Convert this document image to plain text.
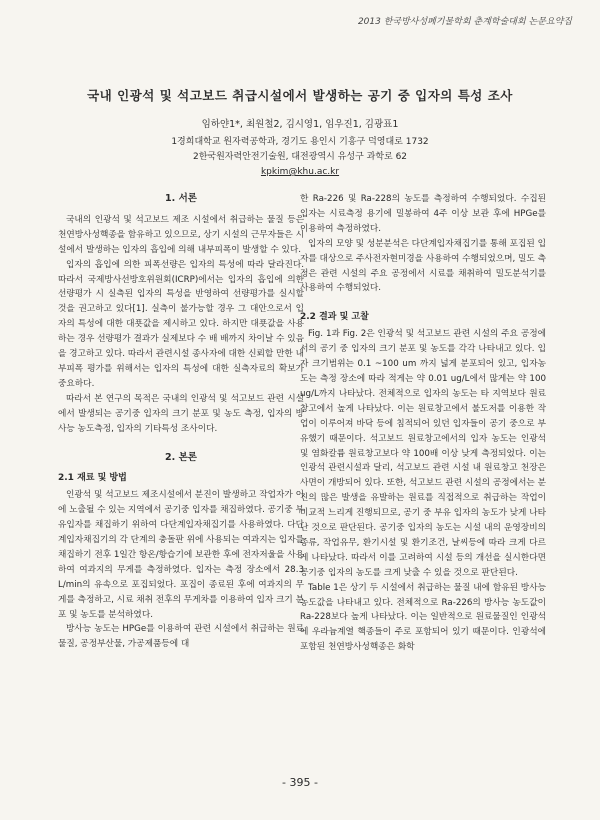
2013 한국방사성폐기물학회 춘계학술대회 논문요약집
국내 인광석 및 석고보드 취급시설에서 발생하는 공기 중 입자의 특성 조사
임하얀1*, 최원철2, 김시영1, 임우진1, 김광표1
1경희대학교 원자력공학과, 경기도 용인시 기흥구 덕영대로 1732
2한국원자력안전기술원, 대전광역시 유성구 과학로 62
kpkim@khu.ac.kr
1. 서론

국내의 인광석 및 석고보드 제조 시설에서 취급하는 물질 등은 천연방사성핵종을 함유하고 있으므로, 상기 시설의 근무자들은 시설에서 발생하는 입자의 흡입에 의해 내부피폭이 발생할 수 있다.

입자의 흡입에 의한 피폭선량은 입자의 특성에 따라 달라진다. 따라서 국제방사선방호위원회(ICRP)에서는 입자의 흡입에 의한 선량평가 시 실측된 입자의 특성을 반영하여 선량평가를 실시할 것을 권고하고 있다[1]. 실측이 불가능할 경우 그 대안으로서 입자의 특성에 대한 대푯값을 제시하고 있다. 하지만 대푯값을 사용하는 경우 선량평가 결과가 실제보다 수 배 배까지 차이날 수 있음을 경고하고 있다. 따라서 관련시설 종사자에 대한 신뢰할 만한 내부피폭 평가를 위해서는 입자의 특성에 대한 실측자료의 확보가 중요하다.

따라서 본 연구의 목적은 국내의 인광석 및 석고보드 관련 시설에서 발생되는 공기중 입자의 크기 분포 및 농도 측정, 입자의 방사능 농도측정, 입자의 기타특성 조사이다.

2. 본론
2.1 재료 및 방법

인광석 및 석고보드 제조시설에서 분진이 발생하고 작업자가 이에 노출될 수 있는 지역에서 공기중 입자를 채집하였다. 공기중 부유입자를 채집하기 위하여 다단계입자채집기를 사용하였다. 다단계입자채집기의 각 단계의 충돌판 위에 사용되는 여과지는 입자를 채집하기 전후 1일간 항온/항습기에 보관한 후에 전자저울을 사용하여 여과지의 무게를 측정하였다. 입자는 측정 장소에서 28.3 L/min의 유속으로 포집되었다. 포집이 종료된 후에 여과지의 무게를 측정하고, 시료 채취 전후의 무게차를 이용하여 입자 크기 분포 및 농도를 분석하였다.

방사능 농도는 HPGe를 이용하여 관련 시설에서 취급하는 원료물질, 공정부산물, 가공제품등에 대

한 Ra-226 및 Ra-228의 농도를 측정하여 수행되었다. 수집된 입자는 시료측정 용기에 밀봉하여 4주 이상 보관 후에 HPGe를 이용하여 측정하였다.

입자의 모양 및 성분분석은 다단계입자채집기를 통해 포집된 입자를 대상으로 주사전자현미경을 사용하여 수행되었으며, 밀도 측정은 관련 시설의 주요 공정에서 시료를 채취하여 밀도분석기를 사용하여 수행되었다.

2.2 결과 및 고찰

Fig. 1과 Fig. 2은 인광석 및 석고보드 관련 시설의 주요 공정에서의 공기 중 입자의 크기 분포 및 농도를 각각 나타내고 있다. 입자 크기범위는 0.1 ~100 um 까지 넓게 분포되어 있고, 입자농도는 측정 장소에 따라 적게는 약 0.01 ug/L에서 많게는 약 100 ug/L까지 나타났다. 전체적으로 입자의 농도는 타 지역보다 원료창고에서 높게 나타났다. 이는 원료창고에서 불도저를 이용한 작업이 이루어져 바닥 등에 침적되어 있던 입자들이 공기 중으로 부유했기 때문이다. 석고보드 원료창고에서의 입자 농도는 인광석 및 염화칼륨 원료창고보다 약 100배 이상 낮게 측정되었다. 이는 인광석 관련시설과 달리, 석고보드 관련 시설 내 원료창고 천장은 사면이 개방되어 있다. 또한, 석고보드 관련 시설의 공정에서는 분진의 많은 발생을 유발하는 원료를 직접적으로 취급하는 작업이 비교적 느리게 진행되므로, 공기 중 부유 입자의 농도가 낮게 나타난 것으로 판단된다. 공기중 입자의 농도는 시설 내의 운영장비의 종류, 작업유무, 환기시설 및 환기조건, 날씨등에 따라 크게 다르게 나타났다. 따라서 이를 고려하여 시설 등의 개선을 실시한다면 공기중 입자의 농도를 크게 낮출 수 있을 것으로 판단된다.

Table 1은 상기 두 시설에서 취급하는 물질 내에 함유된 방사능 농도값을 나타내고 있다. 전체적으로 Ra-226의 방사능 농도값이 Ra-228보다 높게 나타났다. 이는 일반적으로 원료물질인 인광석에 우라늄계열 핵종들이 주로 포함되어 있기 때문이다. 인광석에 포함된 천연방사성핵종은 화학

- 395 -
